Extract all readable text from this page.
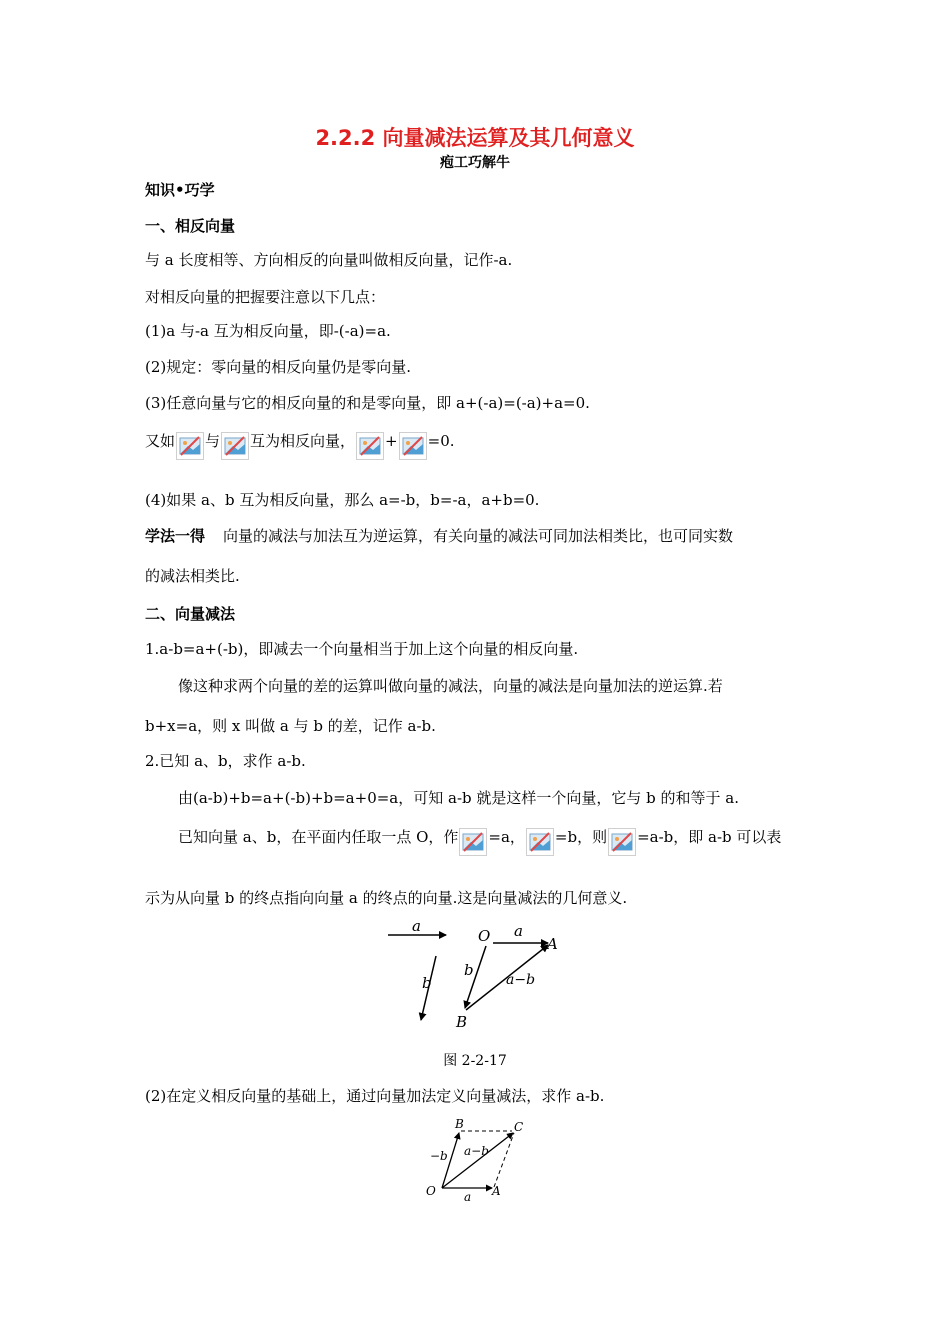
2.2.2 向量减法运算及其几何意义
疱工巧解牛
知识•巧学
一、相反向量
与 a 长度相等、方向相反的向量叫做相反向量，记作-a.
对相反向量的把握要注意以下几点：
(1)a 与-a 互为相反向量，即-(-a)=a.
(2)规定：零向量的相反向量仍是零向量.
(3)任意向量与它的相反向量的和是零向量，即 a+(-a)=(-a)+a=0.
又如 与 互为相反向量， + =0.
(4)如果 a、b 互为相反向量，那么 a=-b，b=-a，a+b=0.
学法一得 向量的减法与加法互为逆运算，有关向量的减法可同加法相类比，也可同实数
的减法相类比.
二、向量减法
1.a-b=a+(-b)，即减去一个向量相当于加上这个向量的相反向量.
像这种求两个向量的差的运算叫做向量的减法，向量的减法是向量加法的逆运算.若
b+x=a，则 x 叫做 a 与 b 的差，记作 a-b.
2.已知 a、b，求作 a-b.
由(a-b)+b=a+(-b)+b=a+0=a，可知 a-b 就是这样一个向量，它与 b 的和等于 a.
已知向量 a、b，在平面内任取一点 O，作 =a， =b，则 =a-b，即 a-b 可以表
示为从向量 b 的终点指向向量 a 的终点的向量.这是向量减法的几何意义.
a
b
O a
A
b
a−b
B
图 2-2-17
(2)在定义相反向量的基础上，通过向量加法定义向量减法，求作 a-b.
B	C
−b a−b
O	A
a
